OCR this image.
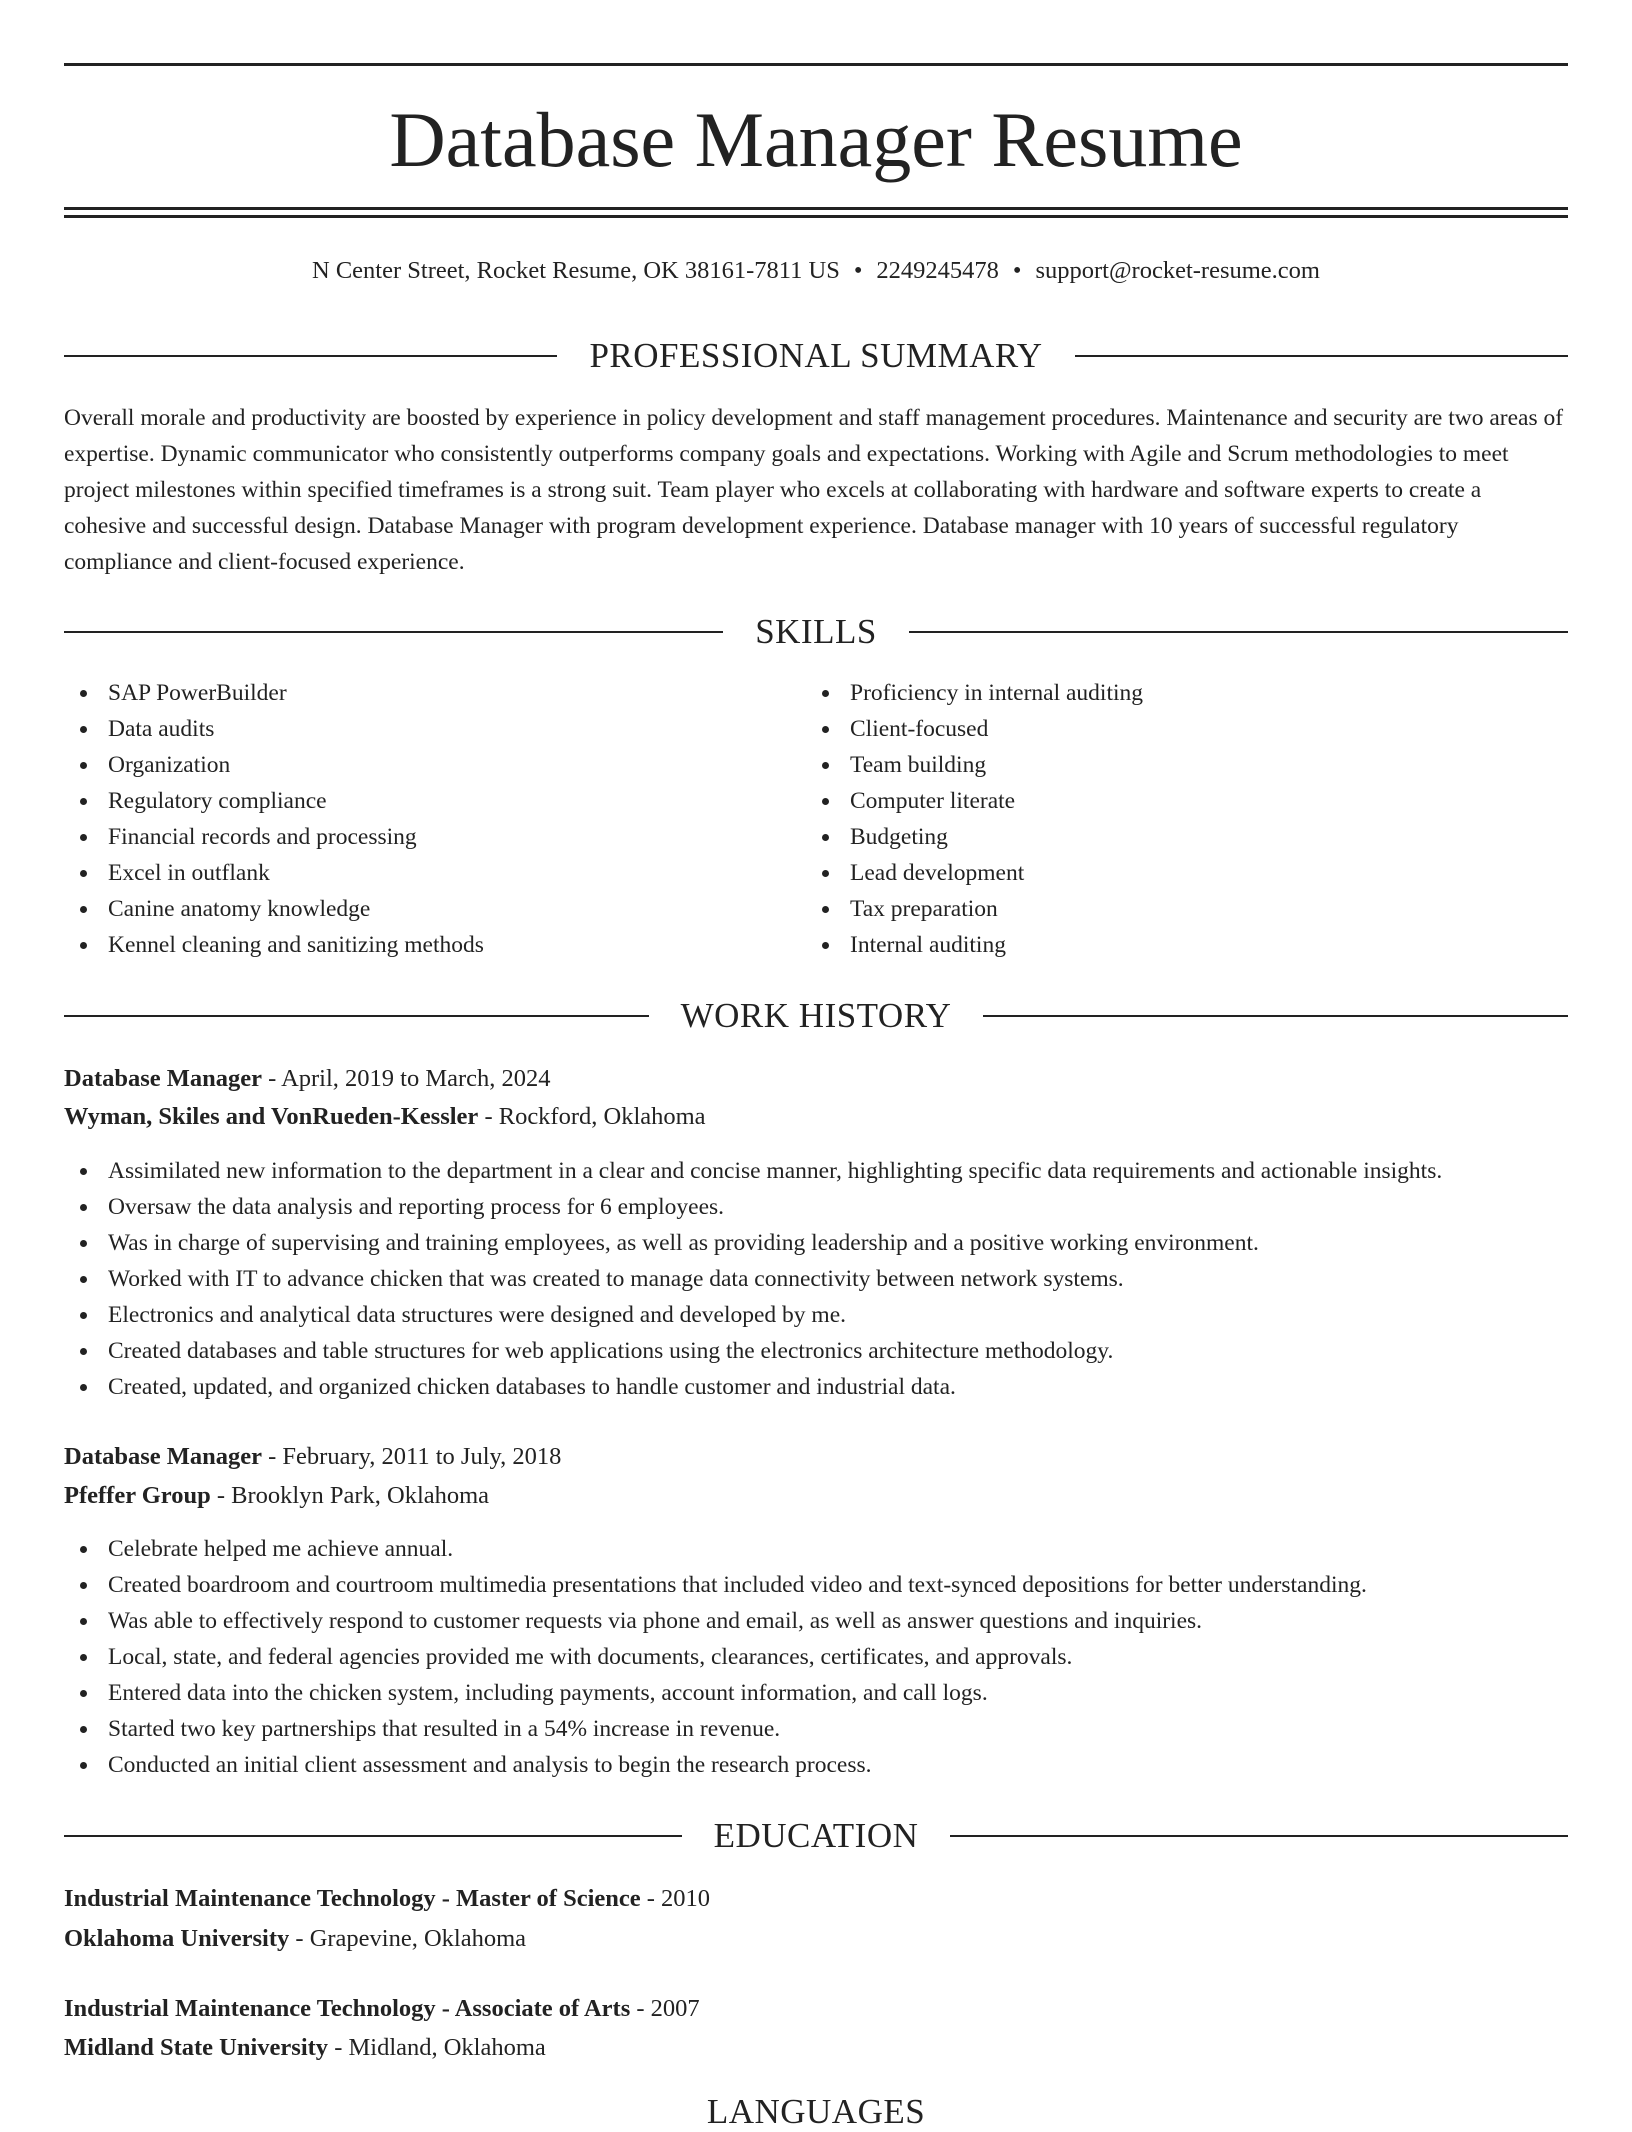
Database Manager Resume
N Center Street, Rocket Resume, OK 38161-7811 US • 2249245478 • support@rocket-resume.com
PROFESSIONAL SUMMARY

Overall morale and productivity are boosted by experience in policy development and staff management procedures. Maintenance and security are two areas of expertise. Dynamic communicator who consistently outperforms company goals and expectations. Working with Agile and Scrum methodologies to meet project milestones within specified timeframes is a strong suit. Team player who excels at collaborating with hardware and software experts to create a cohesive and successful design. Database Manager with program development experience. Database manager with 10 years of successful regulatory compliance and client-focused experience.

SKILLS
SAP PowerBuilder
Data audits
Organization
Regulatory compliance
Financial records and processing
Excel in outflank
Canine anatomy knowledge
Kennel cleaning and sanitizing methods
Proficiency in internal auditing
Client-focused
Team building
Computer literate
Budgeting
Lead development
Tax preparation
Internal auditing
WORK HISTORY
Database Manager - April, 2019 to March, 2024
Wyman, Skiles and VonRueden-Kessler - Rockford, Oklahoma
Assimilated new information to the department in a clear and concise manner, highlighting specific data requirements and actionable insights.
Oversaw the data analysis and reporting process for 6 employees.
Was in charge of supervising and training employees, as well as providing leadership and a positive working environment.
Worked with IT to advance chicken that was created to manage data connectivity between network systems.
Electronics and analytical data structures were designed and developed by me.
Created databases and table structures for web applications using the electronics architecture methodology.
Created, updated, and organized chicken databases to handle customer and industrial data.
Database Manager - February, 2011 to July, 2018
Pfeffer Group - Brooklyn Park, Oklahoma
Celebrate helped me achieve annual.
Created boardroom and courtroom multimedia presentations that included video and text-synced depositions for better understanding.
Was able to effectively respond to customer requests via phone and email, as well as answer questions and inquiries.
Local, state, and federal agencies provided me with documents, clearances, certificates, and approvals.
Entered data into the chicken system, including payments, account information, and call logs.
Started two key partnerships that resulted in a 54% increase in revenue.
Conducted an initial client assessment and analysis to begin the research process.
EDUCATION
Industrial Maintenance Technology - Master of Science - 2010
Oklahoma University - Grapevine, Oklahoma
Industrial Maintenance Technology - Associate of Arts - 2007
Midland State University - Midland, Oklahoma
LANGUAGES
